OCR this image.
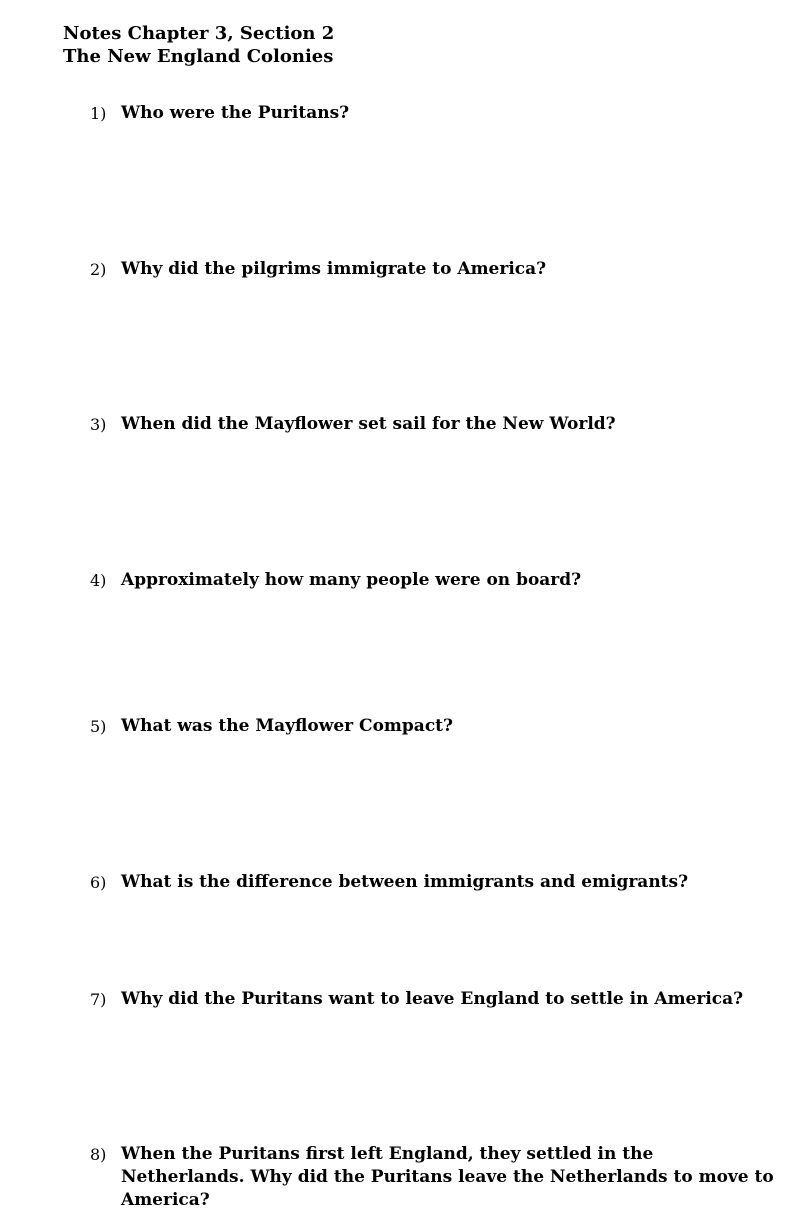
Notes Chapter 3, Section 2
The New England Colonies
1) Who were the Puritans?
2) Why did the pilgrims immigrate to America?
3) When did the Mayflower set sail for the New World?
4) Approximately how many people were on board?
5) What was the Mayflower Compact?
6) What is the difference between immigrants and emigrants?
7) Why did the Puritans want to leave England to settle in America?
8) When the Puritans first left England, they settled in the Netherlands. Why did the Puritans leave the Netherlands to move to America?
